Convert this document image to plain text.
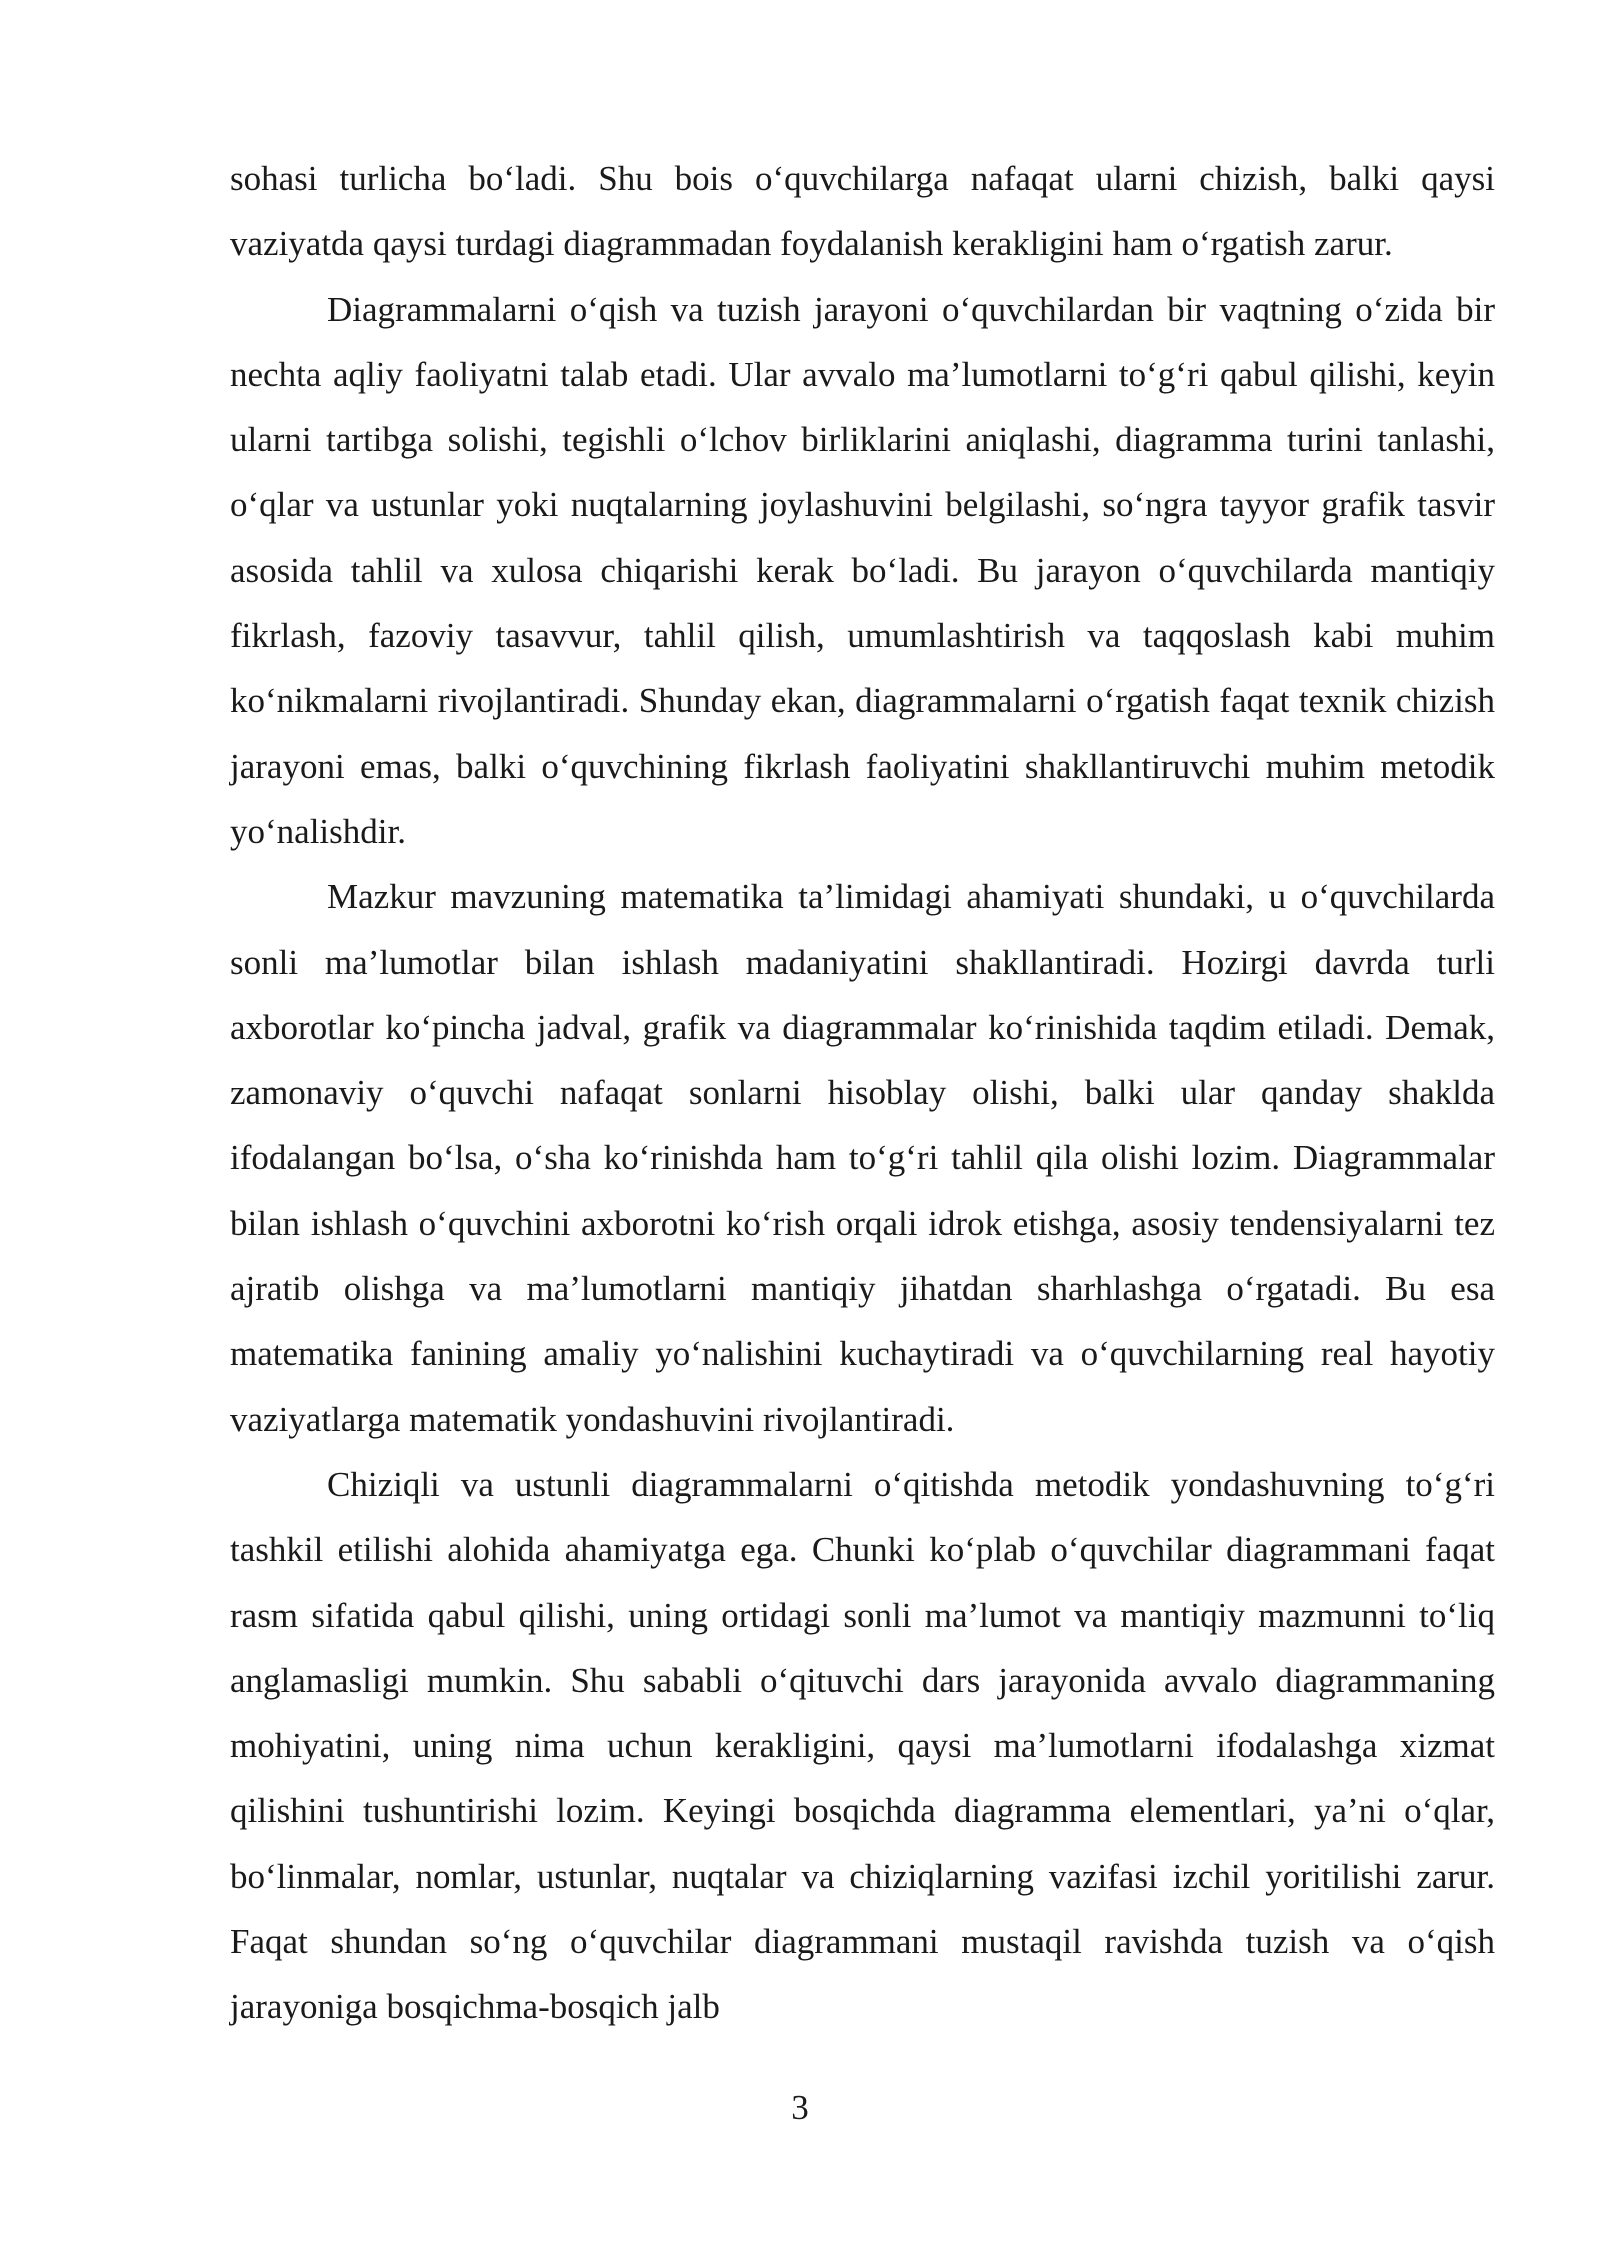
sohasi turlicha bo‘ladi. Shu bois o‘quvchilarga nafaqat ularni chizish, balki qaysi vaziyatda qaysi turdagi diagrammadan foydalanish kerakligini ham o‘rgatish zarur.

Diagrammalarni o‘qish va tuzish jarayoni o‘quvchilardan bir vaqtning o‘zida bir nechta aqliy faoliyatni talab etadi. Ular avvalo ma’lumotlarni to‘g‘ri qabul qilishi, keyin ularni tartibga solishi, tegishli o‘lchov birliklarini aniqlashi, diagramma turini tanlashi, o‘qlar va ustunlar yoki nuqtalarning joylashuvini belgilashi, so‘ngra tayyor grafik tasvir asosida tahlil va xulosa chiqarishi kerak bo‘ladi. Bu jarayon o‘quvchilarda mantiqiy fikrlash, fazoviy tasavvur, tahlil qilish, umumlashtirish va taqqoslash kabi muhim ko‘nikmalarni rivojlantiradi. Shunday ekan, diagrammalarni o‘rgatish faqat texnik chizish jarayoni emas, balki o‘quvchining fikrlash faoliyatini shakllantiruvchi muhim metodik yo‘nalishdir.

Mazkur mavzuning matematika ta’limidagi ahamiyati shundaki, u o‘quvchilarda sonli ma’lumotlar bilan ishlash madaniyatini shakllantiradi. Hozirgi davrda turli axborotlar ko‘pincha jadval, grafik va diagrammalar ko‘rinishida taqdim etiladi. Demak, zamonaviy o‘quvchi nafaqat sonlarni hisoblay olishi, balki ular qanday shaklda ifodalangan bo‘lsa, o‘sha ko‘rinishda ham to‘g‘ri tahlil qila olishi lozim. Diagrammalar bilan ishlash o‘quvchini axborotni ko‘rish orqali idrok etishga, asosiy tendensiyalarni tez ajratib olishga va ma’lumotlarni mantiqiy jihatdan sharhlashga o‘rgatadi. Bu esa matematika fanining amaliy yo‘nalishini kuchaytiradi va o‘quvchilarning real hayotiy vaziyatlarga matematik yondashuvini rivojlantiradi.

Chiziqli va ustunli diagrammalarni o‘qitishda metodik yondashuvning to‘g‘ri tashkil etilishi alohida ahamiyatga ega. Chunki ko‘plab o‘quvchilar diagrammani faqat rasm sifatida qabul qilishi, uning ortidagi sonli ma’lumot va mantiqiy mazmunni to‘liq anglamasligi mumkin. Shu sababli o‘qituvchi dars jarayonida avvalo diagrammaning mohiyatini, uning nima uchun kerakligini, qaysi ma’lumotlarni ifodalashga xizmat qilishini tushuntirishi lozim. Keyingi bosqichda diagramma elementlari, ya’ni o‘qlar, bo‘linmalar, nomlar, ustunlar, nuqtalar va chiziqlarning vazifasi izchil yoritilishi zarur. Faqat shundan so‘ng o‘quvchilar diagrammani mustaqil ravishda tuzish va o‘qish jarayoniga bosqichma-bosqich jalb

3
